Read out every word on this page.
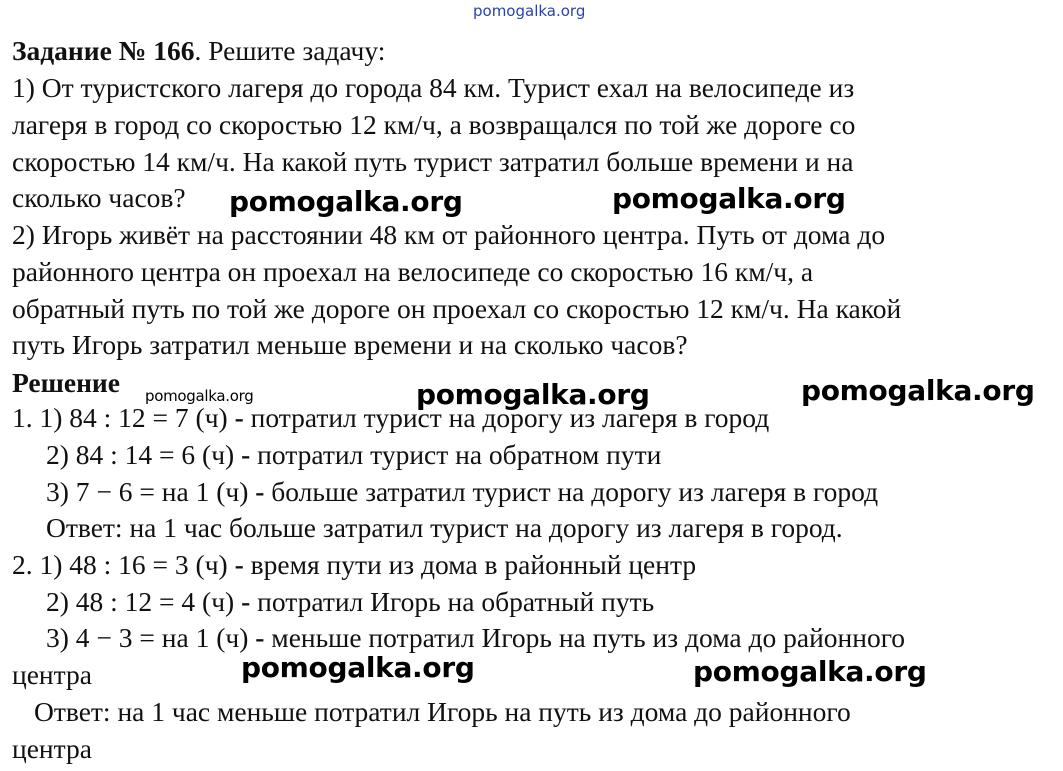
pomogalka.org
Задание № 166. Решите задачу:
1) От туристского лагеря до города 84 км. Турист ехал на велосипеде из
лагеря в город со скоростью 12 км/ч, а возвращался по той же дороге со
скоростью 14 км/ч. На какой путь турист затратил больше времени и на
сколько часов?
2) Игорь живёт на расстоянии 48 км от районного центра. Путь от дома до
районного центра он проехал на велосипеде со скоростью 16 км/ч, а
обратный путь по той же дороге он проехал со скоростью 12 км/ч. На какой
путь Игорь затратил меньше времени и на сколько часов?
Решение
1. 1) 84 : 12 = 7 (ч) - потратил турист на дорогу из лагеря в город
2) 84 : 14 = 6 (ч) - потратил турист на обратном пути
3) 7 − 6 = на 1 (ч) - больше затратил турист на дорогу из лагеря в город
Ответ: на 1 час больше затратил турист на дорогу из лагеря в город.
2. 1) 48 : 16 = 3 (ч) - время пути из дома в районный центр
2) 48 : 12 = 4 (ч) - потратил Игорь на обратный путь
3) 4 − 3 = на 1 (ч) - меньше потратил Игорь на путь из дома до районного
центра
Ответ: на 1 час меньше потратил Игорь на путь из дома до районного
центра
pomogalka.org	pomogalka.org
pomogalka.org	pomogalka.org	pomogalka.org
pomogalka.org	pomogalka.org
